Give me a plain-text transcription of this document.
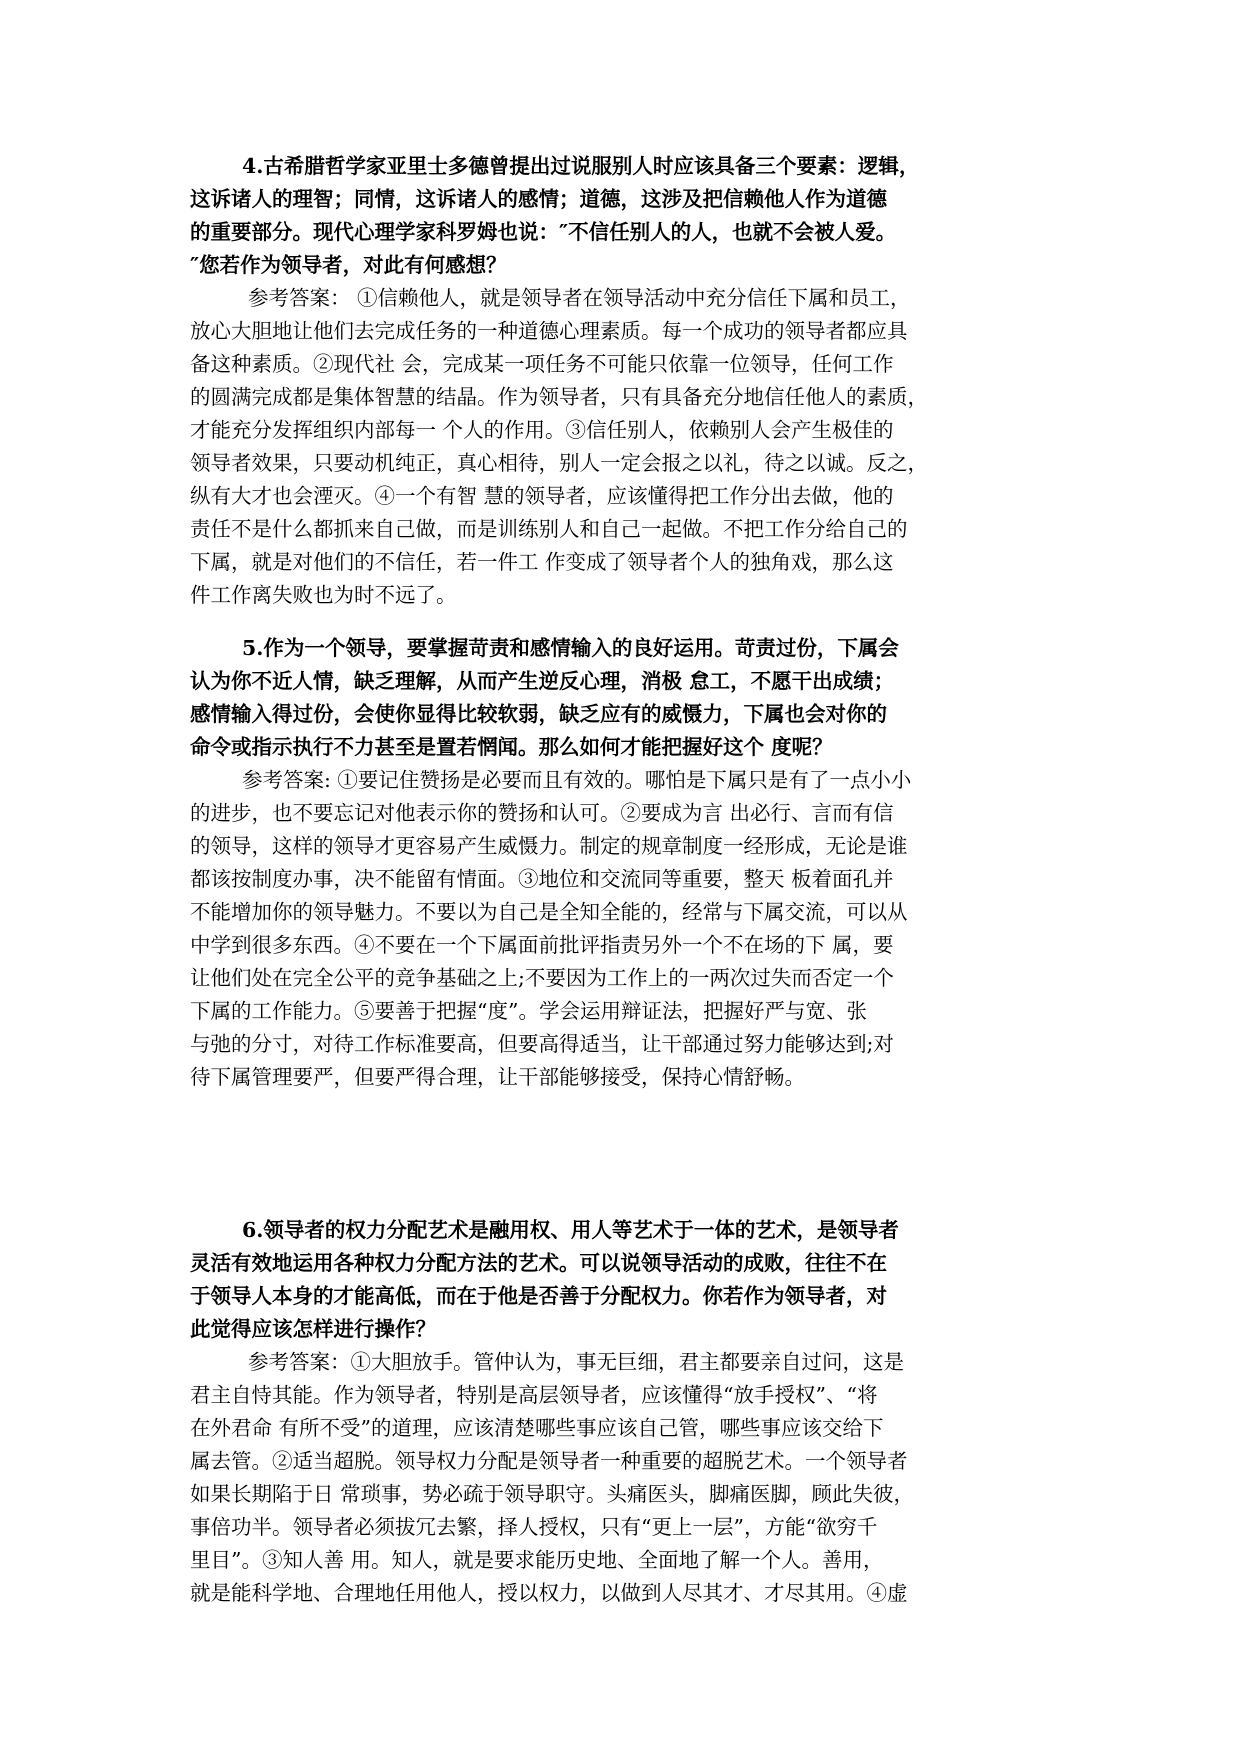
4.古希腊哲学家亚里士多德曾提出过说服别人时应该具备三个要素：逻辑，
这诉诸人的理智；同情，这诉诸人的感情；道德，这涉及把信赖他人作为道德
的重要部分。现代心理学家科罗姆也说：″不信任别人的人，也就不会被人爱。
″您若作为领导者，对此有何感想？
参考答案： ①信赖他人，就是领导者在领导活动中充分信任下属和员工，
放心大胆地让他们去完成任务的一种道德心理素质。每一个成功的领导者都应具
备这种素质。②现代社 会，完成某一项任务不可能只依靠一位领导，任何工作
的圆满完成都是集体智慧的结晶。作为领导者，只有具备充分地信任他人的素质，
才能充分发挥组织内部每一 个人的作用。③信任别人，依赖别人会产生极佳的
领导者效果，只要动机纯正，真心相待，别人一定会报之以礼，待之以诚。反之，
纵有大才也会湮灭。④一个有智 慧的领导者，应该懂得把工作分出去做，他的
责任不是什么都抓来自己做，而是训练别人和自己一起做。不把工作分给自己的
下属，就是对他们的不信任，若一件工 作变成了领导者个人的独角戏，那么这
件工作离失败也为时不远了。
5.作为一个领导，要掌握苛责和感情输入的良好运用。苛责过份，下属会
认为你不近人情，缺乏理解，从而产生逆反心理，消极 怠工，不愿干出成绩；
感情输入得过份，会使你显得比较软弱，缺乏应有的威慑力，下属也会对你的
命令或指示执行不力甚至是置若惘闻。那么如何才能把握好这个 度呢？
参考答案: ①要记住赞扬是必要而且有效的。哪怕是下属只是有了一点小小
的进步，也不要忘记对他表示你的赞扬和认可。②要成为言 出必行、言而有信
的领导，这样的领导才更容易产生威慑力。制定的规章制度一经形成，无论是谁
都该按制度办事，决不能留有情面。③地位和交流同等重要，整天 板着面孔并
不能增加你的领导魅力。不要以为自己是全知全能的，经常与下属交流，可以从
中学到很多东西。④不要在一个下属面前批评指责另外一个不在场的下 属，要
让他们处在完全公平的竞争基础之上;不要因为工作上的一两次过失而否定一个
下属的工作能力。⑤要善于把握“度”。学会运用辩证法，把握好严与宽、张
与弛的分寸，对待工作标准要高，但要高得适当，让干部通过努力能够达到;对
待下属管理要严，但要严得合理，让干部能够接受，保持心情舒畅。
6.领导者的权力分配艺术是融用权、用人等艺术于一体的艺术，是领导者
灵活有效地运用各种权力分配方法的艺术。可以说领导活动的成败，往往不在
于领导人本身的才能高低，而在于他是否善于分配权力。你若作为领导者，对
此觉得应该怎样进行操作？
参考答案：①大胆放手。管仲认为，事无巨细，君主都要亲自过问，这是
君主自恃其能。作为领导者，特别是高层领导者，应该懂得“放手授权”、“将
在外君命 有所不受”的道理，应该清楚哪些事应该自己管，哪些事应该交给下
属去管。②适当超脱。领导权力分配是领导者一种重要的超脱艺术。一个领导者
如果长期陷于日 常琐事，势必疏于领导职守。头痛医头，脚痛医脚，顾此失彼，
事倍功半。领导者必须拔冗去繁，择人授权，只有“更上一层”，方能“欲穷千
里目”。③知人善 用。知人，就是要求能历史地、全面地了解一个人。善用，
就是能科学地、合理地任用他人，授以权力，以做到人尽其才、才尽其用。④虚
